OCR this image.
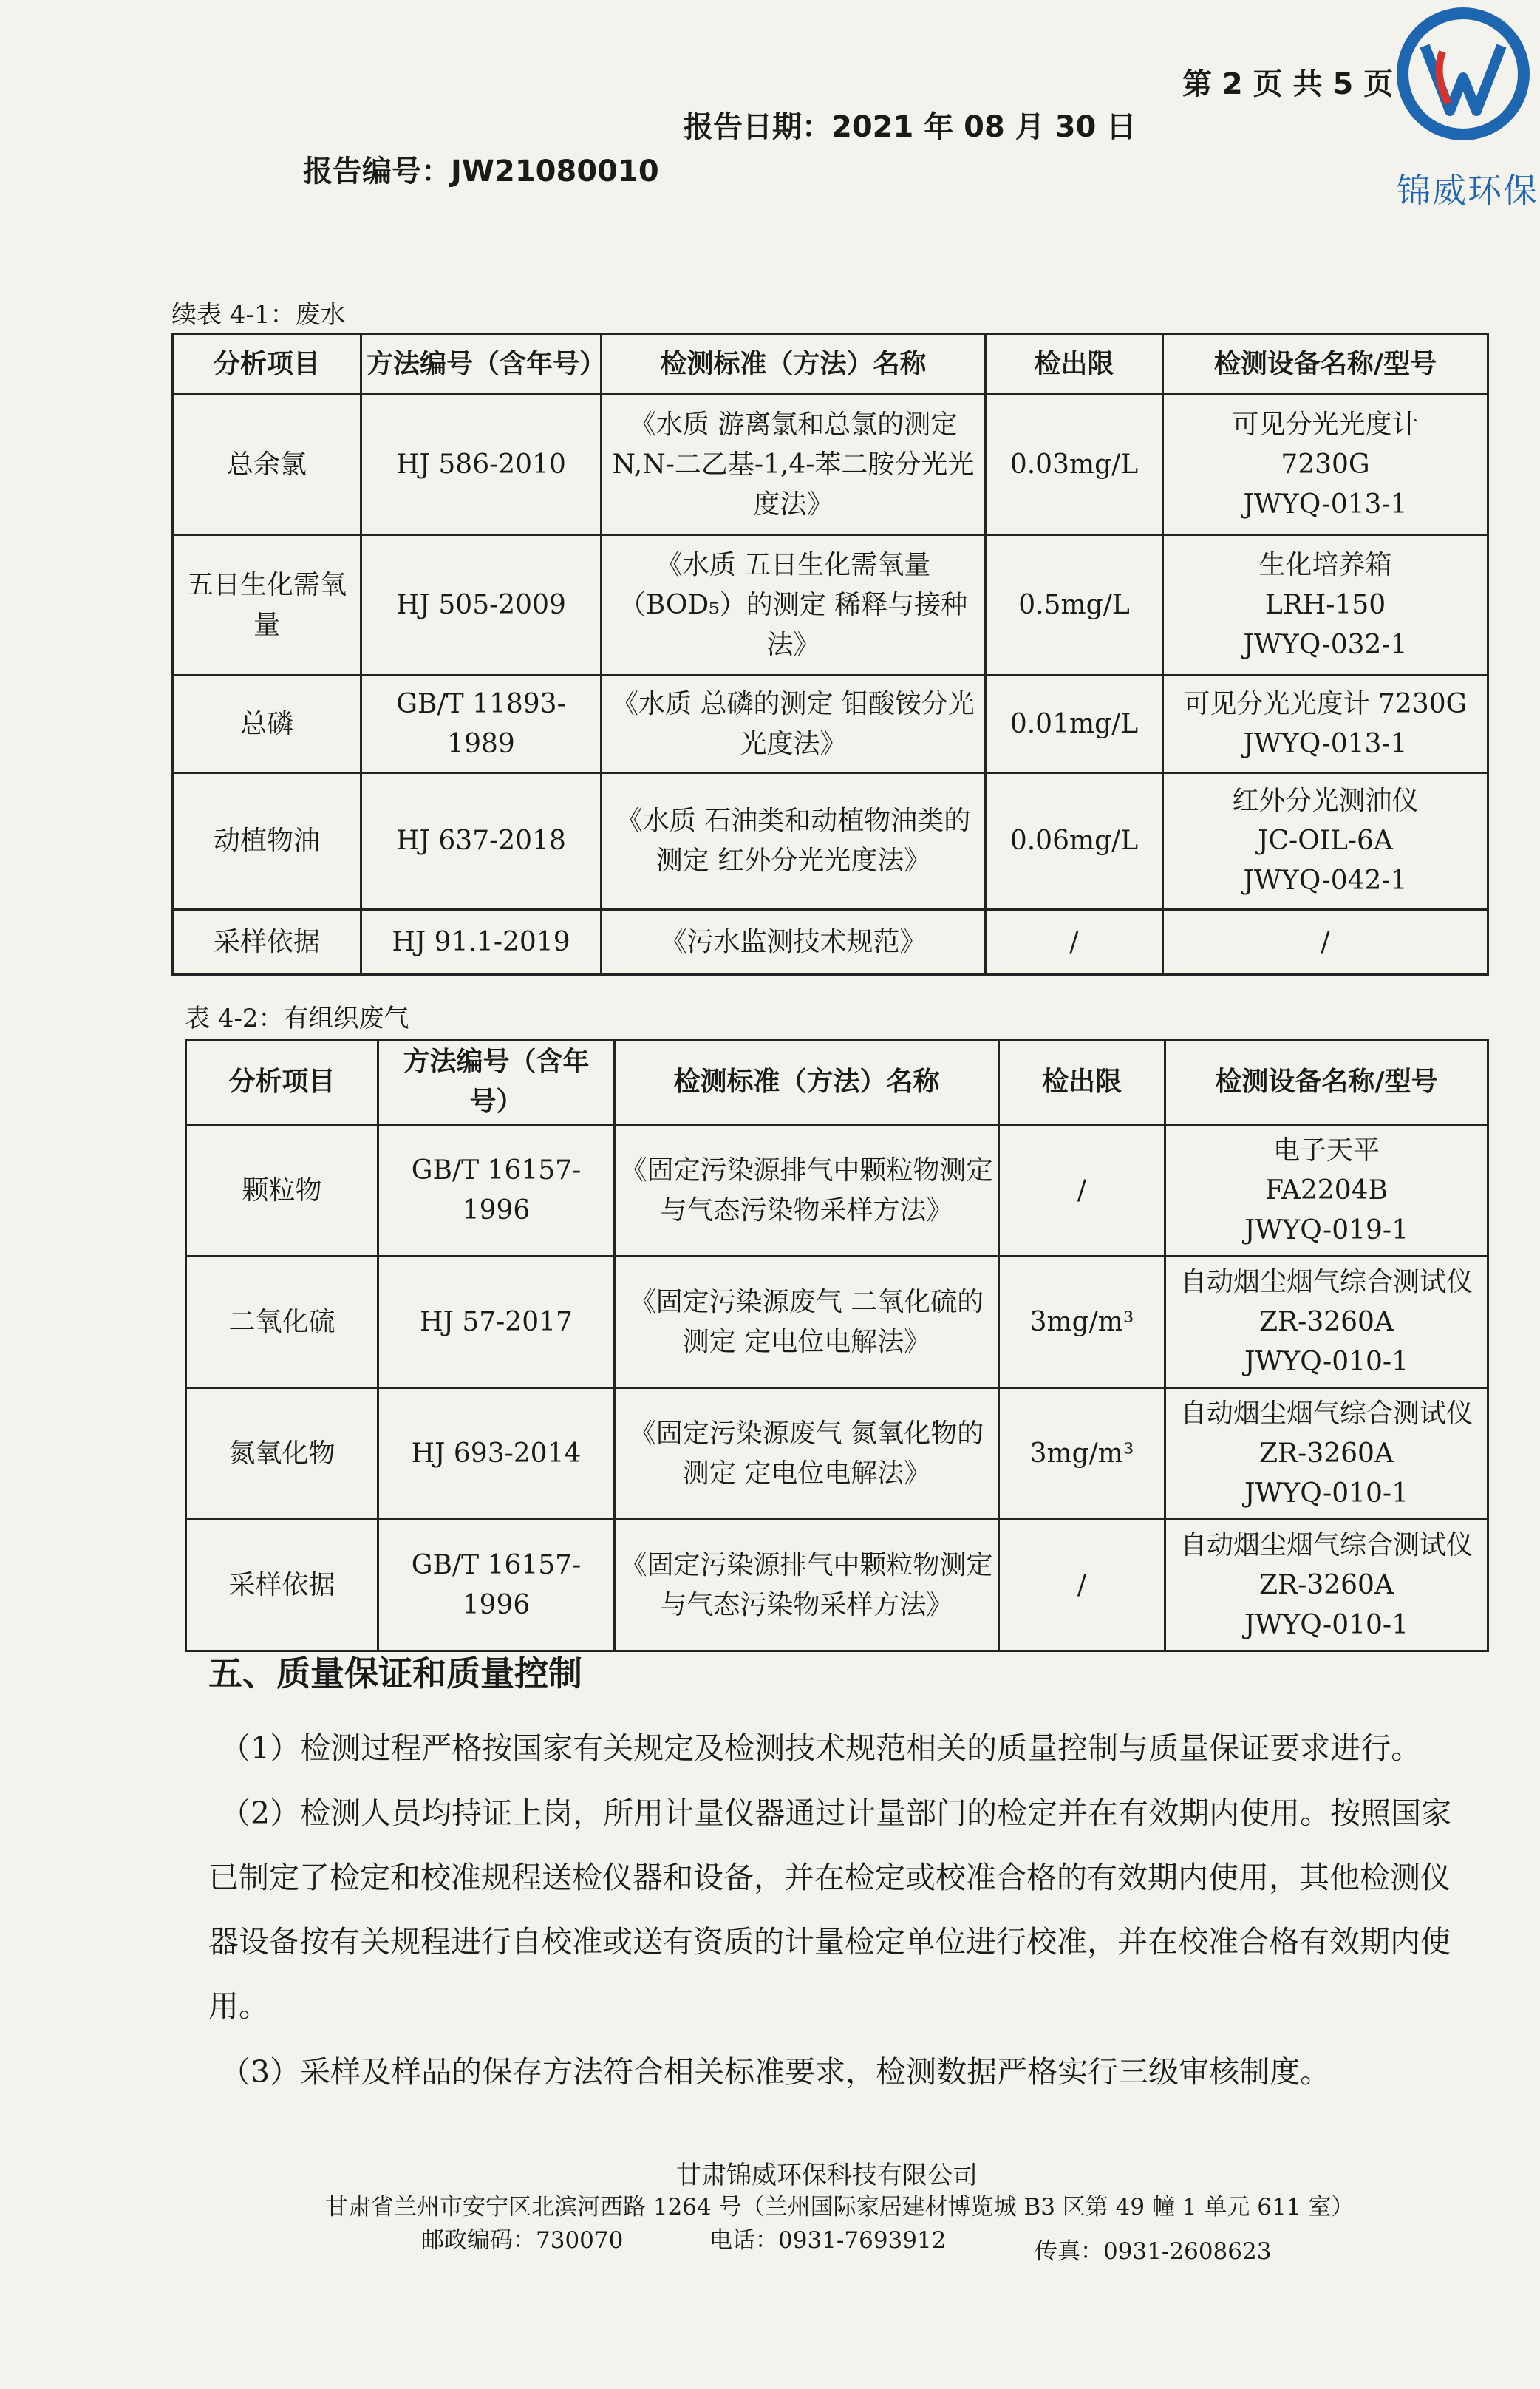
报告编号：JW21080010
报告日期：2021 年 08 月 30 日
第 2 页 共 5 页
锦威环保
续表 4-1：废水
分析项目	方法编号（含年号）	检测标准（方法）名称	检出限	检测设备名称/型号
总余氯	HJ 586-2010	《水质 游离氯和总氯的测定 N,N-二乙基-1,4-苯二胺分光光度法》	0.03mg/L	可见分光光度计
7230G
JWYQ-013-1

五日生化需氧量	HJ 505-2009	《水质 五日生化需氧量（BOD₅）的测定 稀释与接种法》	0.5mg/L	生化培养箱
LRH-150
JWYQ-032-1

总磷	GB/T 11893-1989	《水质 总磷的测定 钼酸铵分光光度法》	0.01mg/L	可见分光光度计 7230G
JWYQ-013-1

动植物油	HJ 637-2018	《水质 石油类和动植物油类的测定 红外分光光度法》	0.06mg/L	红外分光测油仪
JC-OIL-6A
JWYQ-042-1

采样依据	HJ 91.1-2019	《污水监测技术规范》	/	/
表 4-2：有组织废气
分析项目	方法编号（含年号）	检测标准（方法）名称	检出限	检测设备名称/型号
颗粒物	GB/T 16157-1996	《固定污染源排气中颗粒物测定与气态污染物采样方法》	/	电子天平
FA2204B
JWYQ-019-1

二氧化硫	HJ 57-2017	《固定污染源废气 二氧化硫的测定 定电位电解法》	3mg/m³	自动烟尘烟气综合测试仪
ZR-3260A
JWYQ-010-1

氮氧化物	HJ 693-2014	《固定污染源废气 氮氧化物的测定 定电位电解法》	3mg/m³	自动烟尘烟气综合测试仪
ZR-3260A
JWYQ-010-1

采样依据	GB/T 16157-1996	《固定污染源排气中颗粒物测定与气态污染物采样方法》	/	自动烟尘烟气综合测试仪
ZR-3260A
JWYQ-010-1
五、质量保证和质量控制
（1）检测过程严格按国家有关规定及检测技术规范相关的质量控制与质量保证要求进行。
（2）检测人员均持证上岗，所用计量仪器通过计量部门的检定并在有效期内使用。按照国家已制定了检定和校准规程送检仪器和设备，并在检定或校准合格的有效期内使用，其他检测仪器设备按有关规程进行自校准或送有资质的计量检定单位进行校准，并在校准合格有效期内使用。
（3）采样及样品的保存方法符合相关标准要求，检测数据严格实行三级审核制度。
甘肃锦威环保科技有限公司
甘肃省兰州市安宁区北滨河西路 1264 号（兰州国际家居建材博览城 B3 区第 49 幢 1 单元 611 室）
邮政编码：730070	电话：0931-7693912	传真：0931-2608623
